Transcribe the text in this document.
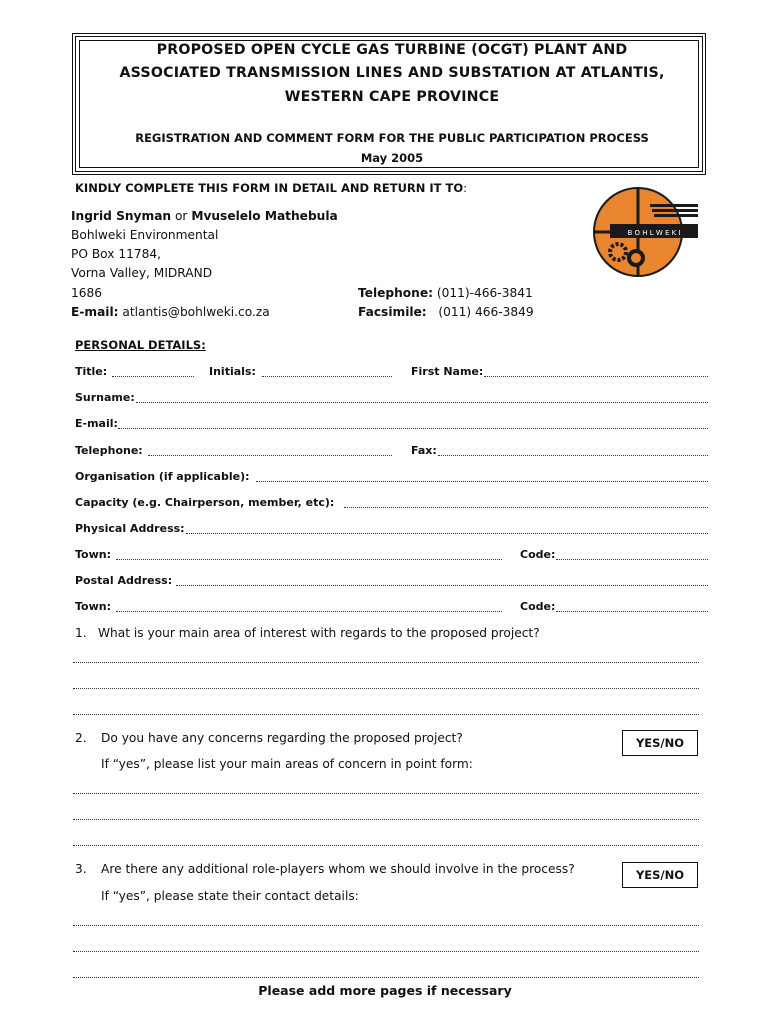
PROPOSED OPEN CYCLE GAS TURBINE (OCGT) PLANT AND
ASSOCIATED TRANSMISSION LINES AND SUBSTATION AT ATLANTIS,
WESTERN CAPE PROVINCE
REGISTRATION AND COMMENT FORM FOR THE PUBLIC PARTICIPATION PROCESS
May 2005
KINDLY COMPLETE THIS FORM IN DETAIL AND RETURN IT TO:
Ingrid Snyman or Mvuselelo Mathebula
Bohlweki Environmental
PO Box 11784,
Vorna Valley, MIDRAND
1686
E-mail: atlantis@bohlweki.co.za
Telephone: (011)-466-3841
Facsimile: (011) 466-3849
B O H L W E K I
PERSONAL DETAILS:
Title:	Initials:	First Name:
Surname:
E-mail:
Telephone:	Fax:
Organisation (if applicable):
Capacity (e.g. Chairperson, member, etc):
Physical Address:
Town:	Code:
Postal Address:
Town:	Code:
1. What is your main area of interest with regards to the proposed project?
2. Do you have any concerns regarding the proposed project?	YES/NO
If “yes”, please list your main areas of concern in point form:
3. Are there any additional role-players whom we should involve in the process?	YES/NO
If “yes”, please state their contact details:
Please add more pages if necessary
